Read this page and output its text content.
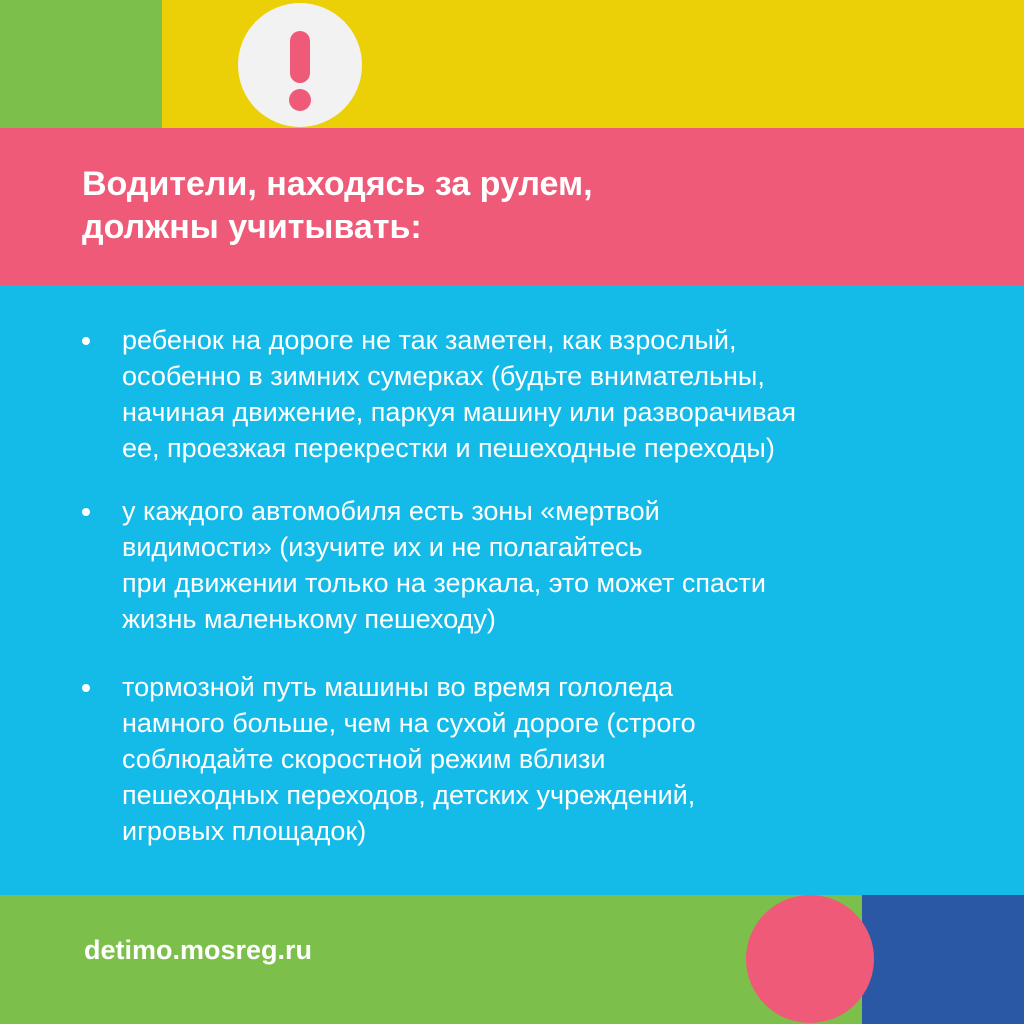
Водители, находясь за рулем,
должны учитывать:
ребенок на дороге не так заметен, как взрослый,
особенно в зимних сумерках (будьте внимательны,
начиная движение, паркуя машину или разворачивая
ее, проезжая перекрестки и пешеходные переходы)
у каждого автомобиля есть зоны «мертвой
видимости» (изучите их и не полагайтесь
при движении только на зеркала, это может спасти
жизнь маленькому пешеходу)
тормозной путь машины во время гололеда
намного больше, чем на сухой дороге (строго
соблюдайте скоростной режим вблизи
пешеходных переходов, детских учреждений,
игровых площадок)

detimo.mosreg.ru
